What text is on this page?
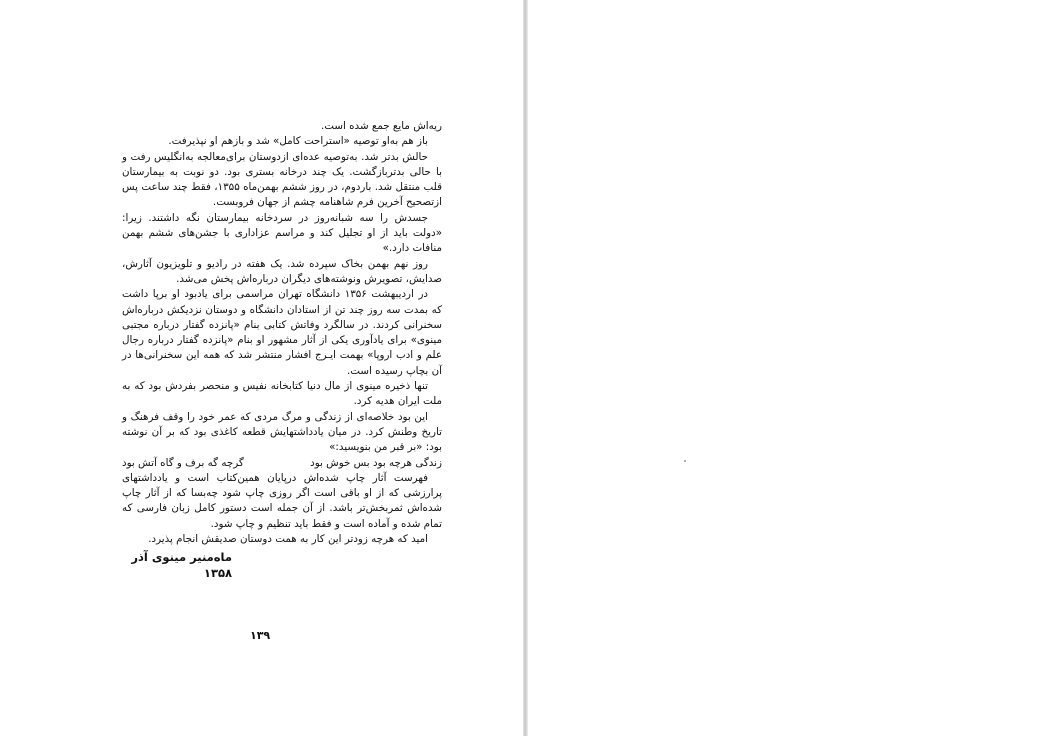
ریه‌اش مایع جمع شده است.

باز هم به‌او توصیه «استراحت کامل» شد و بازهم او نپذیرفت.

حالش بدتر شد. به‌توصیه عده‌ای ازدوستان برای‌معالجه به‌انگلیس رفت و با حالی بدتربازگشت. یک چند درخانه بستری بود. دو نوبت به بیمارستان قلب منتقل شد. باردوم، در روز ششم بهمن‌ماه ۱۳۵۵، فقط چند ساعت پس ازتصحیح آخرین فرم شاهنامه چشم از جهان فروبست.

جسدش را سه شبانه‌روز در سردخانه بیمارستان نگه داشتند. زیرا: «دولت باید از او تجلیل کند و مراسم عزاداری با جشن‌های ششم بهمن منافات دارد.»

روز نهم بهمن بخاک سپرده شد. یک هفته در رادیو و تلویزیون آثارش، صدایش، تصویرش ونوشته‌های دیگران درباره‌اش پخش می‌شد.

در اردیبهشت ۱۳۵۶ دانشگاه تهران مراسمی برای یادبود او برپا داشت که بمدت سه روز چند تن از استادان دانشگاه و دوستان نزدیکش درباره‌اش سخنرانی کردند. در سالگرد وفاتش کتابی بنام «پانزده گفتار درباره مجتبی مینوی» برای یادآوری یکی از آثار مشهور او بنام «پانزده گفتار درباره رجال علم و ادب اروپا» بهمت ایـرج افشار منتشر شد که همه این سخنرانی‌ها در آن بچاپ رسیده است.

تنها ذخیره مینوی از مال دنیا کتابخانه نفیس و منحصر بفردش بود که به ملت ایران هدیه کرد.

این بود خلاصه‌ای از زندگی و مرگ مردی که عمر خود را وقف فرهنگ و تاریخ وطنش کرد. در میان یادداشتهایش قطعه کاغذی بود که بر آن نوشته بود: «بر قبر من بنویسید:»

زندگی هرچه بود بس خوش بود
گرچه گه برف و گاه آتش بود

فهرست آثار چاپ شده‌اش درپایان همین‌کتاب است و یادداشتهای پرارزشی که از او باقی است اگر روزی چاپ شود چه‌بسا که از آثار چاپ شده‌اش ثمربخش‌تر باشد. از آن جمله است دستور کامل زبان فارسی که تمام شده و آماده است و فقط باید تنظیم و چاپ شود.

امید که هرچه زودتر این کار به همت دوستان صدیقش انجام پذیرد.

ماه‌منیر مینوی آذر ۱۳۵۸

۱۳۹
